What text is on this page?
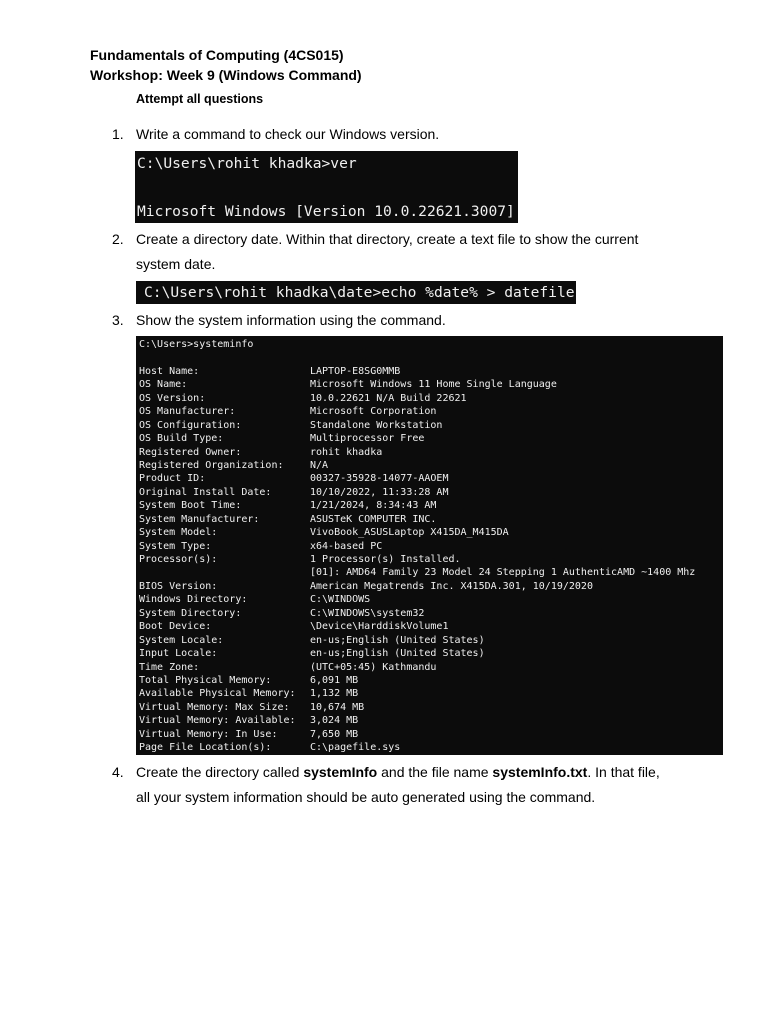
Fundamentals of Computing (4CS015)
Workshop: Week 9 (Windows Command)
Attempt all questions
1. Write a command to check our Windows version.
C:\Users\rohit khadka>ver
Microsoft Windows [Version 10.0.22621.3007]
2. Create a directory date. Within that directory, create a text file to show the current system date.
C:\Users\rohit khadka\date>echo %date% > datefile
3. Show the system information using the command.
C:\Users>systeminfo
Host Name:	LAPTOP-E8SG0MMB
OS Name:	Microsoft Windows 11 Home Single Language
OS Version:	10.0.22621 N/A Build 22621
OS Manufacturer:	Microsoft Corporation
OS Configuration:	Standalone Workstation
OS Build Type:	Multiprocessor Free
Registered Owner:	rohit khadka
Registered Organization:	N/A
Product ID:	00327-35928-14077-AAOEM
Original Install Date:	10/10/2022, 11:33:28 AM
System Boot Time:	1/21/2024, 8:34:43 AM
System Manufacturer:	ASUSTeK COMPUTER INC.
System Model:	VivoBook_ASUSLaptop X415DA_M415DA
System Type:	x64-based PC
Processor(s):	1 Processor(s) Installed.
[01]: AMD64 Family 23 Model 24 Stepping 1 AuthenticAMD ~1400 Mhz
BIOS Version:	American Megatrends Inc. X415DA.301, 10/19/2020
Windows Directory:	C:\WINDOWS
System Directory:	C:\WINDOWS\system32
Boot Device:	\Device\HarddiskVolume1
System Locale:	en-us;English (United States)
Input Locale:	en-us;English (United States)
Time Zone:	(UTC+05:45) Kathmandu
Total Physical Memory:	6,091 MB
Available Physical Memory: 1,132 MB
Virtual Memory: Max Size: 10,674 MB
Virtual Memory: Available: 3,024 MB
Virtual Memory: In Use:	7,650 MB
Page File Location(s):	C:\pagefile.sys
4. Create the directory called systemInfo and the file name systemInfo.txt. In that file, all your system information should be auto generated using the command.
